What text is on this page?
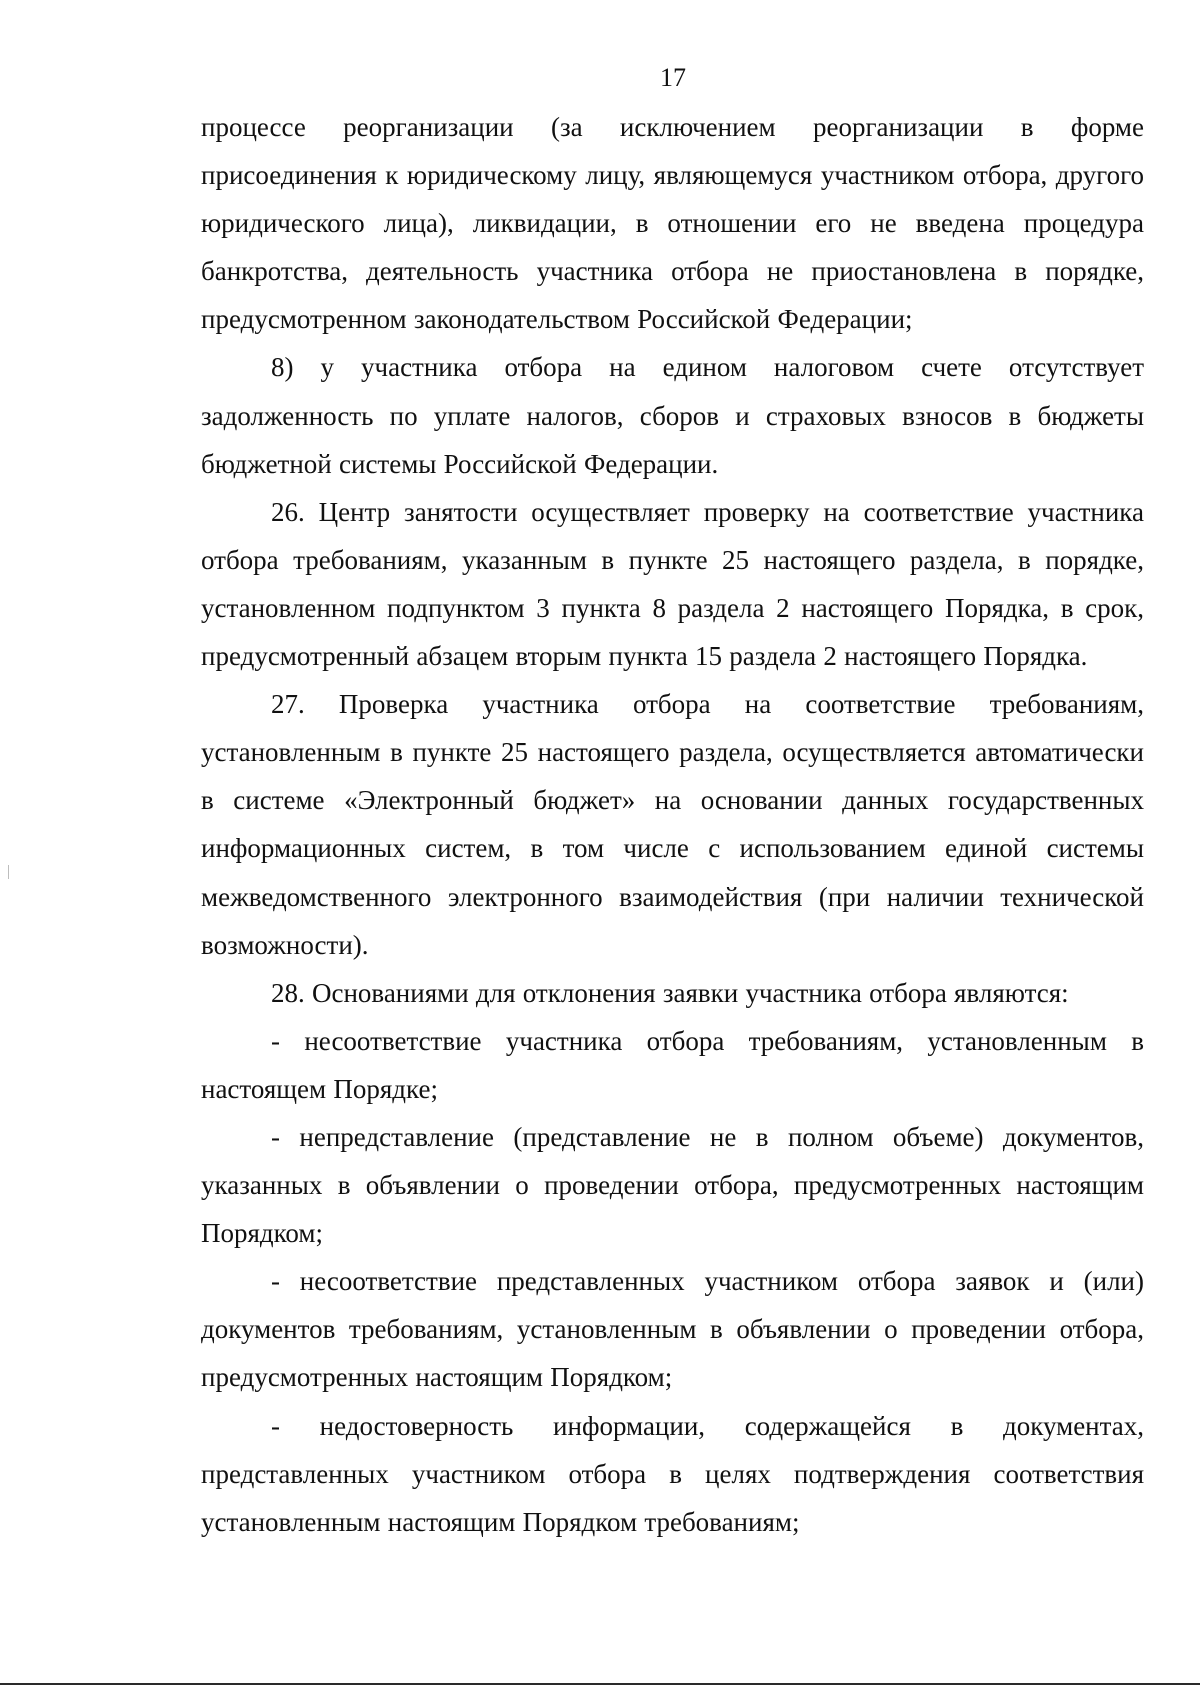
17

процессе реорганизации (за исключением реорганизации в форме присоединения к юридическому лицу, являющемуся участником отбора, другого юридического лица), ликвидации, в отношении его не введена процедура банкротства, деятельность участника отбора не приостановлена в порядке, предусмотренном законодательством Российской Федерации;

8) у участника отбора на едином налоговом счете отсутствует задолженность по уплате налогов, сборов и страховых взносов в бюджеты бюджетной системы Российской Федерации.

26. Центр занятости осуществляет проверку на соответствие участника отбора требованиям, указанным в пункте 25 настоящего раздела, в порядке, установленном подпунктом 3 пункта 8 раздела 2 настоящего Порядка, в срок, предусмотренный абзацем вторым пункта 15 раздела 2 настоящего Порядка.

27. Проверка участника отбора на соответствие требованиям, установленным в пункте 25 настоящего раздела, осуществляется автоматически в системе «Электронный бюджет» на основании данных государственных информационных систем, в том числе с использованием единой системы межведомственного электронного взаимодействия (при наличии технической возможности).

28. Основаниями для отклонения заявки участника отбора являются:

- несоответствие участника отбора требованиям, установленным в настоящем Порядке;

- непредставление (представление не в полном объеме) документов, указанных в объявлении о проведении отбора, предусмотренных настоящим Порядком;

- несоответствие представленных участником отбора заявок и (или) документов требованиям, установленным в объявлении о проведении отбора, предусмотренных настоящим Порядком;

- недостоверность информации, содержащейся в документах, представленных участником отбора в целях подтверждения соответствия установленным настоящим Порядком требованиям;
